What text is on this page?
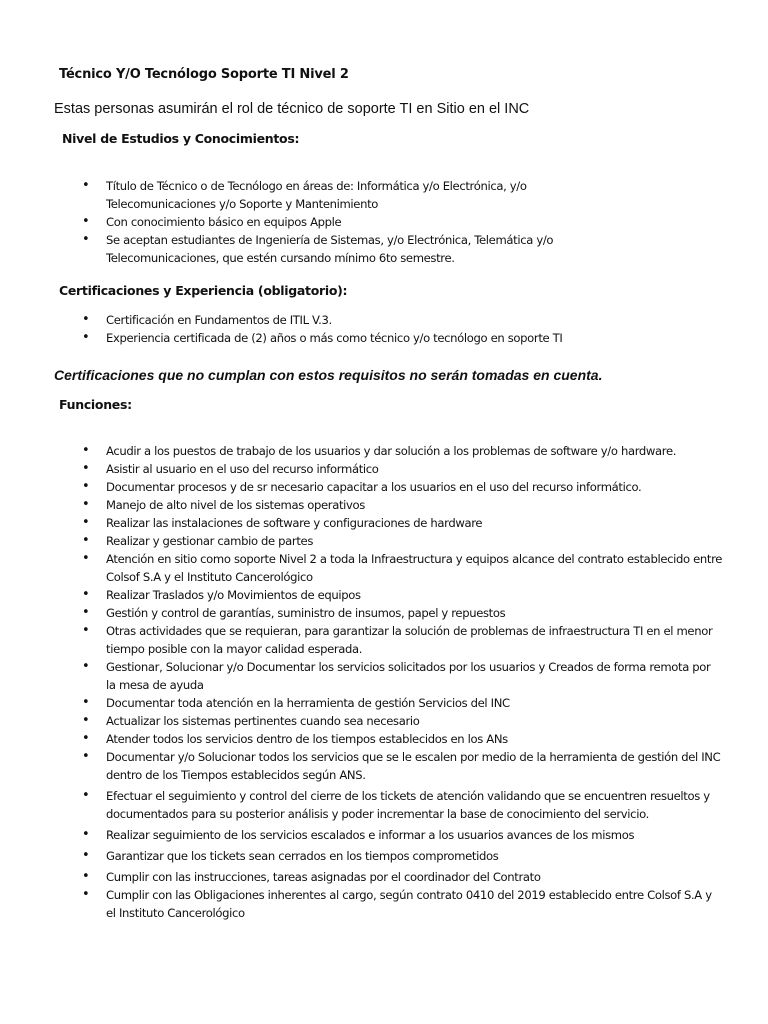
Técnico Y/O Tecnólogo Soporte TI Nivel 2
Estas personas asumirán el rol de técnico de soporte TI en Sitio en el INC
Nivel de Estudios y Conocimientos:
• Título de Técnico o de Tecnólogo en áreas de: Informática y/o Electrónica, y/o Telecomunicaciones y/o Soporte y Mantenimiento
• Con conocimiento básico en equipos Apple
• Se aceptan estudiantes de Ingeniería de Sistemas, y/o Electrónica, Telemática y/o Telecomunicaciones, que estén cursando mínimo 6to semestre.
Certificaciones y Experiencia (obligatorio):
• Certificación en Fundamentos de ITIL V.3.
• Experiencia certificada de (2) años o más como técnico y/o tecnólogo en soporte TI
Certificaciones que no cumplan con estos requisitos no serán tomadas en cuenta.
Funciones:
• Acudir a los puestos de trabajo de los usuarios y dar solución a los problemas de software y/o hardware.
• Asistir al usuario en el uso del recurso informático
• Documentar procesos y de sr necesario capacitar a los usuarios en el uso del recurso informático.
• Manejo de alto nivel de los sistemas operativos
• Realizar las instalaciones de software y configuraciones de hardware
• Realizar y gestionar cambio de partes
• Atención en sitio como soporte Nivel 2 a toda la Infraestructura y equipos alcance del contrato establecido entre Colsof S.A y el Instituto Cancerológico
• Realizar Traslados y/o Movimientos de equipos
• Gestión y control de garantías, suministro de insumos, papel y repuestos
• Otras actividades que se requieran, para garantizar la solución de problemas de infraestructura TI en el menor tiempo posible con la mayor calidad esperada.
• Gestionar, Solucionar y/o Documentar los servicios solicitados por los usuarios y Creados de forma remota por la mesa de ayuda
• Documentar toda atención en la herramienta de gestión Servicios del INC
• Actualizar los sistemas pertinentes cuando sea necesario
• Atender todos los servicios dentro de los tiempos establecidos en los ANs
• Documentar y/o Solucionar todos los servicios que se le escalen por medio de la herramienta de gestión del INC dentro de los Tiempos establecidos según ANS.
• Efectuar el seguimiento y control del cierre de los tickets de atención validando que se encuentren resueltos y documentados para su posterior análisis y poder incrementar la base de conocimiento del servicio.
• Realizar seguimiento de los servicios escalados e informar a los usuarios avances de los mismos
• Garantizar que los tickets sean cerrados en los tiempos comprometidos
• Cumplir con las instrucciones, tareas asignadas por el coordinador del Contrato
• Cumplir con las Obligaciones inherentes al cargo, según contrato 0410 del 2019 establecido entre Colsof S.A y el Instituto Cancerológico
